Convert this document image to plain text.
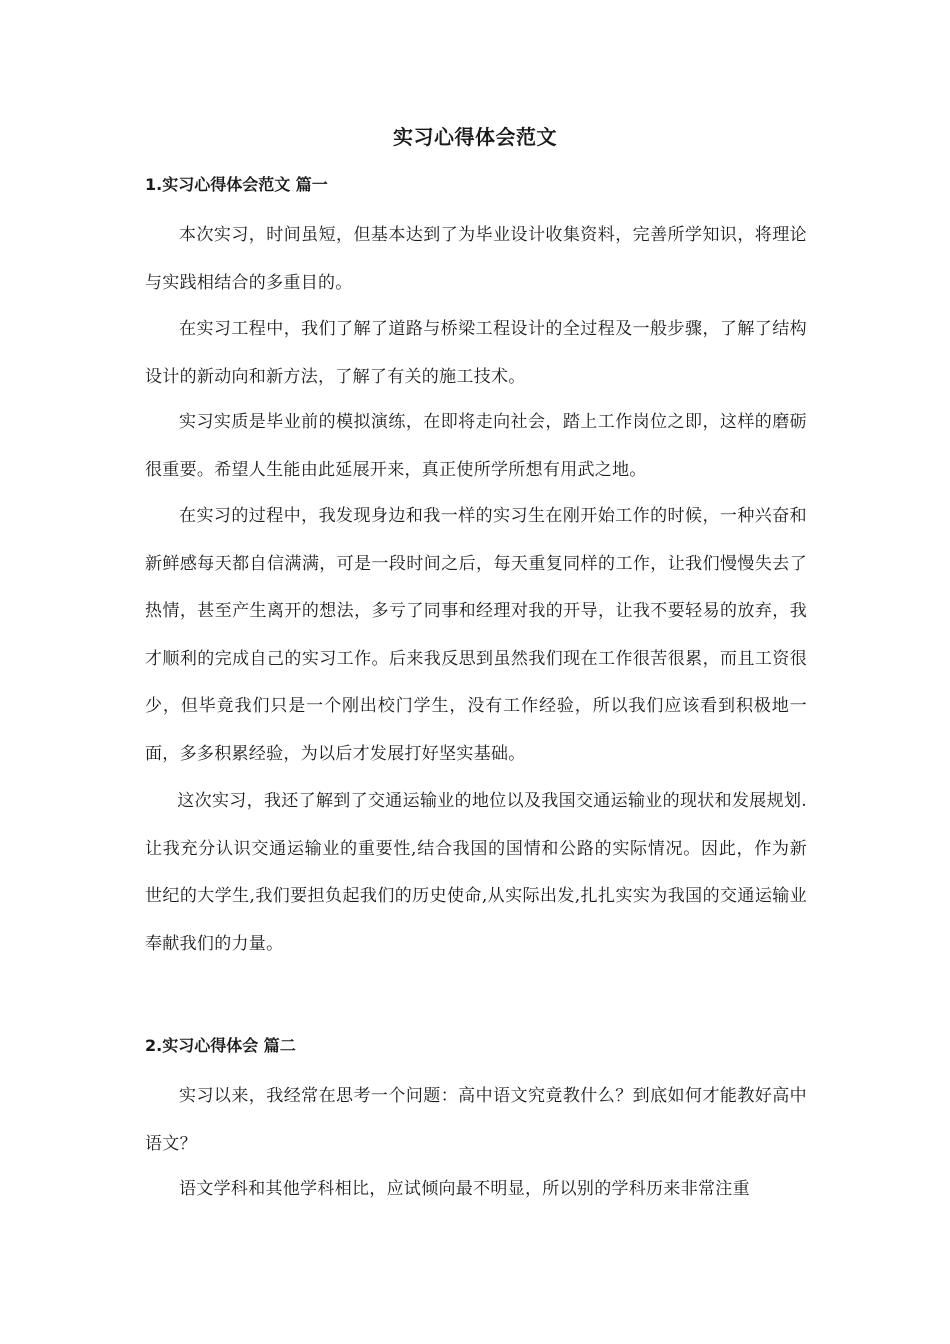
实习心得体会范文
1.实习心得体会范文 篇一

本次实习，时间虽短，但基本达到了为毕业设计收集资料，完善所学知识，将理论与实践相结合的多重目的。

在实习工程中，我们了解了道路与桥梁工程设计的全过程及一般步骤，了解了结构设计的新动向和新方法，了解了有关的施工技术。

实习实质是毕业前的模拟演练，在即将走向社会，踏上工作岗位之即，这样的磨砺很重要。希望人生能由此延展开来，真正使所学所想有用武之地。

在实习的过程中，我发现身边和我一样的实习生在刚开始工作的时候，一种兴奋和新鲜感每天都自信满满，可是一段时间之后，每天重复同样的工作，让我们慢慢失去了热情，甚至产生离开的想法，多亏了同事和经理对我的开导，让我不要轻易的放弃，我才顺利的完成自己的实习工作。后来我反思到虽然我们现在工作很苦很累，而且工资很少，但毕竟我们只是一个刚出校门学生，没有工作经验，所以我们应该看到积极地一面，多多积累经验，为以后才发展打好坚实基础。

这次实习，我还了解到了交通运输业的地位以及我国交通运输业的现状和发展规划.让我充分认识交通运输业的重要性,结合我国的国情和公路的实际情况。因此，作为新世纪的大学生,我们要担负起我们的历史使命,从实际出发,扎扎实实为我国的交通运输业奉献我们的力量。

2.实习心得体会 篇二

实习以来，我经常在思考一个问题：高中语文究竟教什么？到底如何才能教好高中语文？

语文学科和其他学科相比，应试倾向最不明显，所以别的学科历来非常注重
